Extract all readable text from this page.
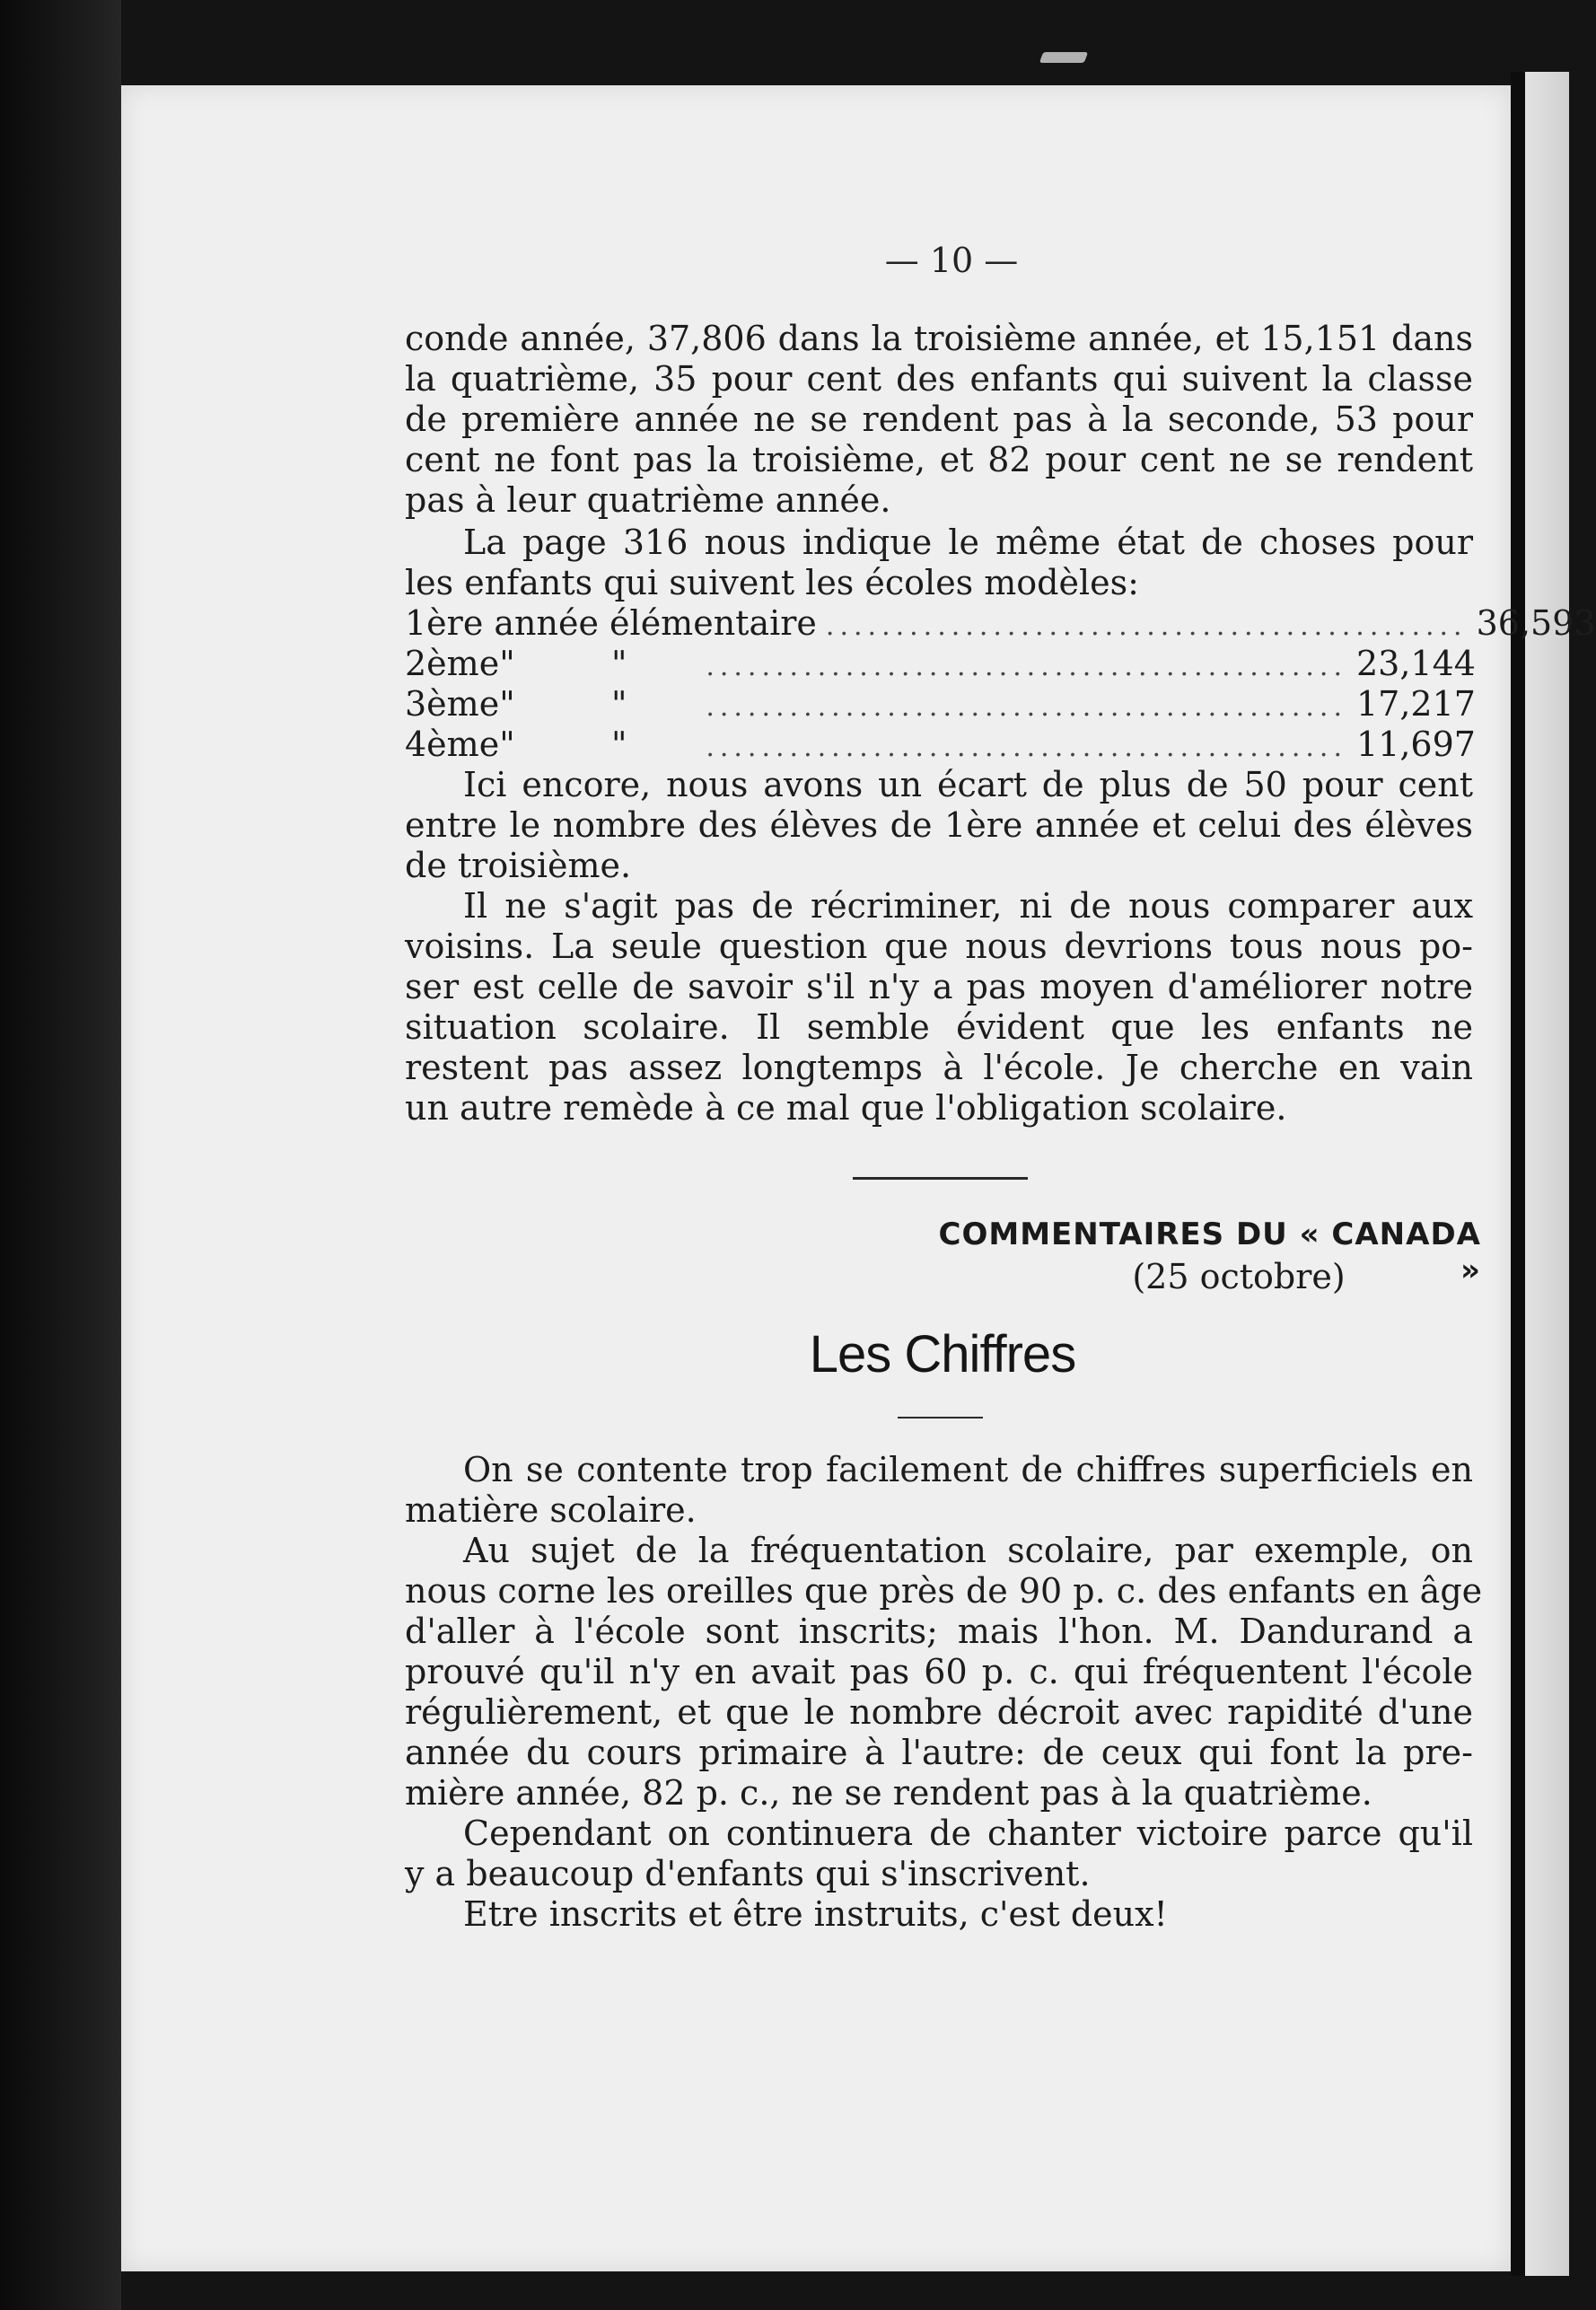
— 10 —
conde année, 37,806 dans la troisième année, et 15,151 dans
la quatrième, 35 pour cent des enfants qui suivent la classe
de première année ne se rendent pas à la seconde, 53 pour
cent ne font pas la troisième, et 82 pour cent ne se rendent
pas à leur quatrième année.
La page 316 nous indique le même état de choses pour
les enfants qui suivent les écoles modèles:
1ère année élémentaire .............................................. 36,593
2ème "	"	.............................................. 23,144
3ème "	"	.............................................. 17,217
4ème "	"	.............................................. 11,697
Ici encore, nous avons un écart de plus de 50 pour cent
entre le nombre des élèves de 1ère année et celui des élèves
de troisième.
Il ne s'agit pas de récriminer, ni de nous comparer aux
voisins. La seule question que nous devrions tous nous po-
ser est celle de savoir s'il n'y a pas moyen d'améliorer notre
situation scolaire. Il semble évident que les enfants ne
restent pas assez longtemps à l'école. Je cherche en vain
un autre remède à ce mal que l'obligation scolaire.
COMMENTAIRES DU « CANADA »
(25 octobre)
Les Chiffres
On se contente trop facilement de chiffres superficiels en
matière scolaire.
Au sujet de la fréquentation scolaire, par exemple, on
nous corne les oreilles que près de 90 p. c. des enfants en âge
d'aller à l'école sont inscrits; mais l'hon. M. Dandurand a
prouvé qu'il n'y en avait pas 60 p. c. qui fréquentent l'école
régulièrement, et que le nombre décroit avec rapidité d'une
année du cours primaire à l'autre: de ceux qui font la pre-
mière année, 82 p. c., ne se rendent pas à la quatrième.
Cependant on continuera de chanter victoire parce qu'il
y a beaucoup d'enfants qui s'inscrivent.
Etre inscrits et être instruits, c'est deux!
